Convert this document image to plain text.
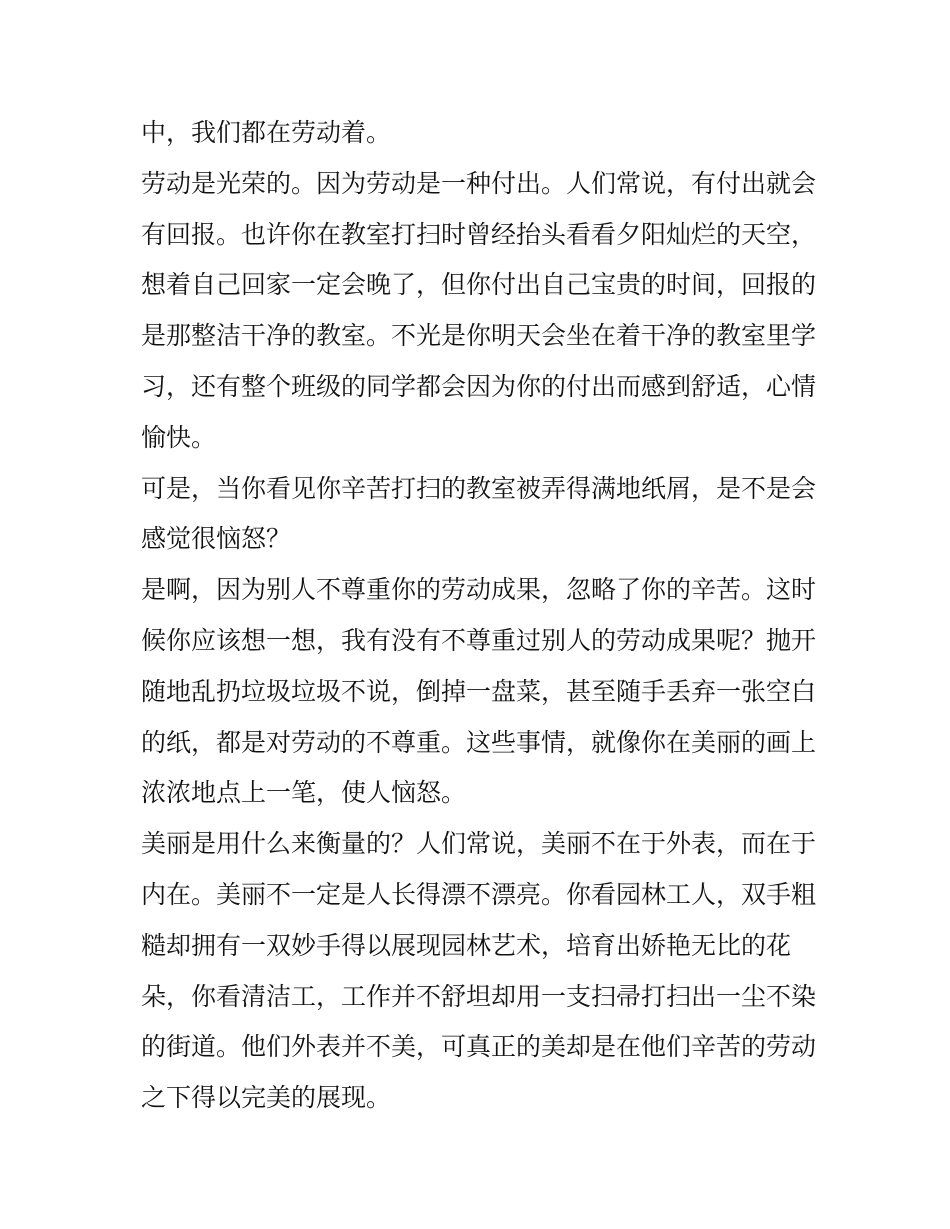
中，我们都在劳动着。
劳动是光荣的。因为劳动是一种付出。人们常说，有付出就会
有回报。也许你在教室打扫时曾经抬头看看夕阳灿烂的天空，
想着自己回家一定会晚了，但你付出自己宝贵的时间，回报的
是那整洁干净的教室。不光是你明天会坐在着干净的教室里学
习，还有整个班级的同学都会因为你的付出而感到舒适，心情
愉快。
可是，当你看见你辛苦打扫的教室被弄得满地纸屑，是不是会
感觉很恼怒？
是啊，因为别人不尊重你的劳动成果，忽略了你的辛苦。这时
候你应该想一想，我有没有不尊重过别人的劳动成果呢？抛开
随地乱扔垃圾垃圾不说，倒掉一盘菜，甚至随手丢弃一张空白
的纸，都是对劳动的不尊重。这些事情，就像你在美丽的画上
浓浓地点上一笔，使人恼怒。
美丽是用什么来衡量的？人们常说，美丽不在于外表，而在于
内在。美丽不一定是人长得漂不漂亮。你看园林工人，双手粗
糙却拥有一双妙手得以展现园林艺术，培育出娇艳无比的花
朵，你看清洁工，工作并不舒坦却用一支扫帚打扫出一尘不染
的街道。他们外表并不美，可真正的美却是在他们辛苦的劳动
之下得以完美的展现。
